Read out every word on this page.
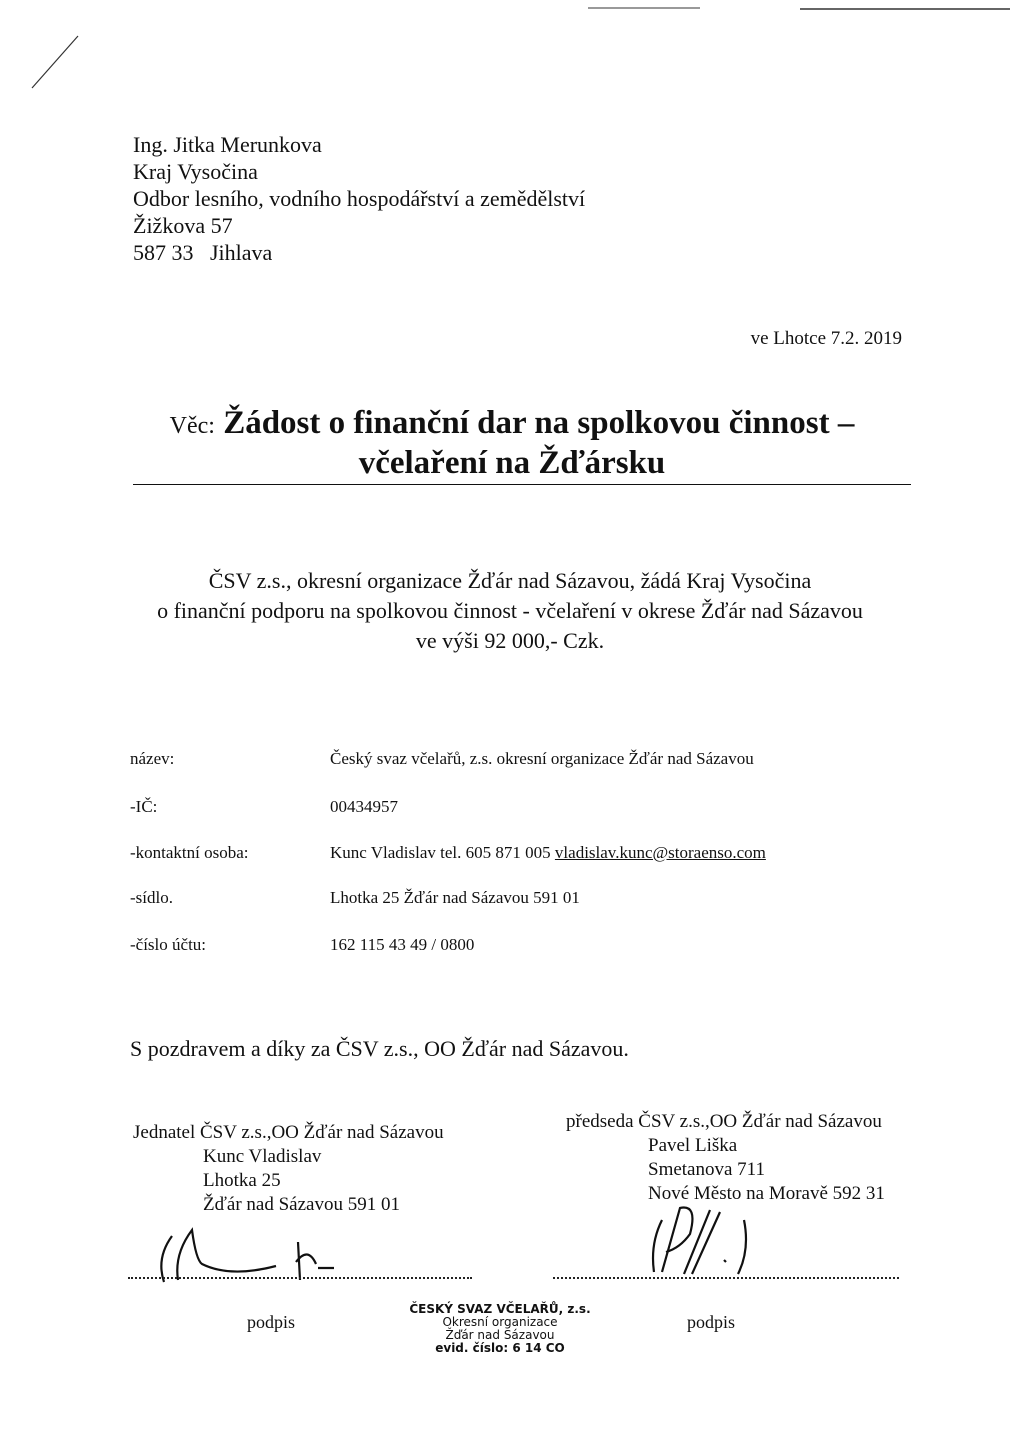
Ing. Jitka Merunkova
Kraj Vysočina
Odbor lesního, vodního hospodářství a zemědělství
Žižkova 57
587 33 Jihlava
ve Lhotce 7.2. 2019
Věc: Žádost o finanční dar na spolkovou činnost –
včelaření na Žďársku
ČSV z.s., okresní organizace Žďár nad Sázavou, žádá Kraj Vysočina
o finanční podporu na spolkovou činnost - včelaření v okrese Žďár nad Sázavou
ve výši 92 000,- Czk.
název:	Český svaz včelařů, z.s. okresní organizace Žďár nad Sázavou
-IČ:	00434957
-kontaktní osoba:	Kunc Vladislav tel. 605 871 005 vladislav.kunc@storaenso.com
-sídlo.	Lhotka 25 Žďár nad Sázavou 591 01
-číslo účtu:	162 115 43 49 / 0800
S pozdravem a díky za ČSV z.s., OO Žďár nad Sázavou.
Jednatel ČSV z.s.,OO Žďár nad Sázavou
Kunc Vladislav
Lhotka 25
Žďár nad Sázavou 591 01
předseda ČSV z.s.,OO Žďár nad Sázavou
Pavel Liška
Smetanova 711
Nové Město na Moravě 592 31
podpis	podpis
ČESKÝ SVAZ VČELAŘŮ, z.s.
Okresní organizace
Žďár nad Sázavou
evid. číslo: 6 14 CO
